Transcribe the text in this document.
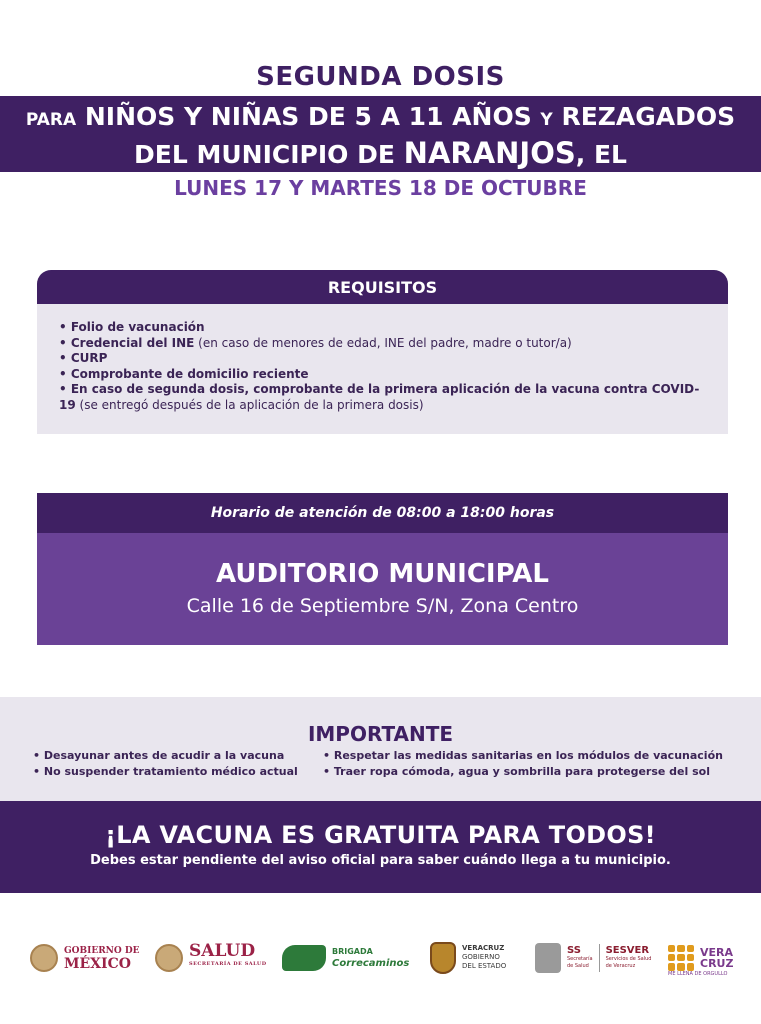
SEGUNDA DOSIS
PARA NIÑOS Y NIÑAS DE 5 A 11 AÑOS Y REZAGADOS
DEL MUNICIPIO DE NARANJOS, EL
LUNES 17 Y MARTES 18 DE OCTUBRE
REQUISITOS
• Folio de vacunación
• Credencial del INE (en caso de menores de edad, INE del padre, madre o tutor/a)
• CURP
• Comprobante de domicilio reciente
• En caso de segunda dosis, comprobante de la primera aplicación de la vacuna contra COVID-19 (se entregó después de la aplicación de la primera dosis)
Horario de atención de 08:00 a 18:00 horas
AUDITORIO MUNICIPAL
Calle 16 de Septiembre S/N, Zona Centro
IMPORTANTE
• Desayunar antes de acudir a la vacuna
• No suspender tratamiento médico actual
• Respetar las medidas sanitarias en los módulos de vacunación
• Traer ropa cómoda, agua y sombrilla para protegerse del sol
¡LA VACUNA ES GRATUITA PARA TODOS!
Debes estar pendiente del aviso oficial para saber cuándo llega a tu municipio.
GOBIERNO DE
MÉXICO
SALUD
SECRETARÍA DE SALUD
BRIGADA
Correcaminos
VERACRUZ
GOBIERNO
DEL ESTADO
SS
Secretaría
de Salud
SESVER
Servicios de Salud
de Veracruz
VERA
CRUZ
ME LLENA DE ORGULLO
